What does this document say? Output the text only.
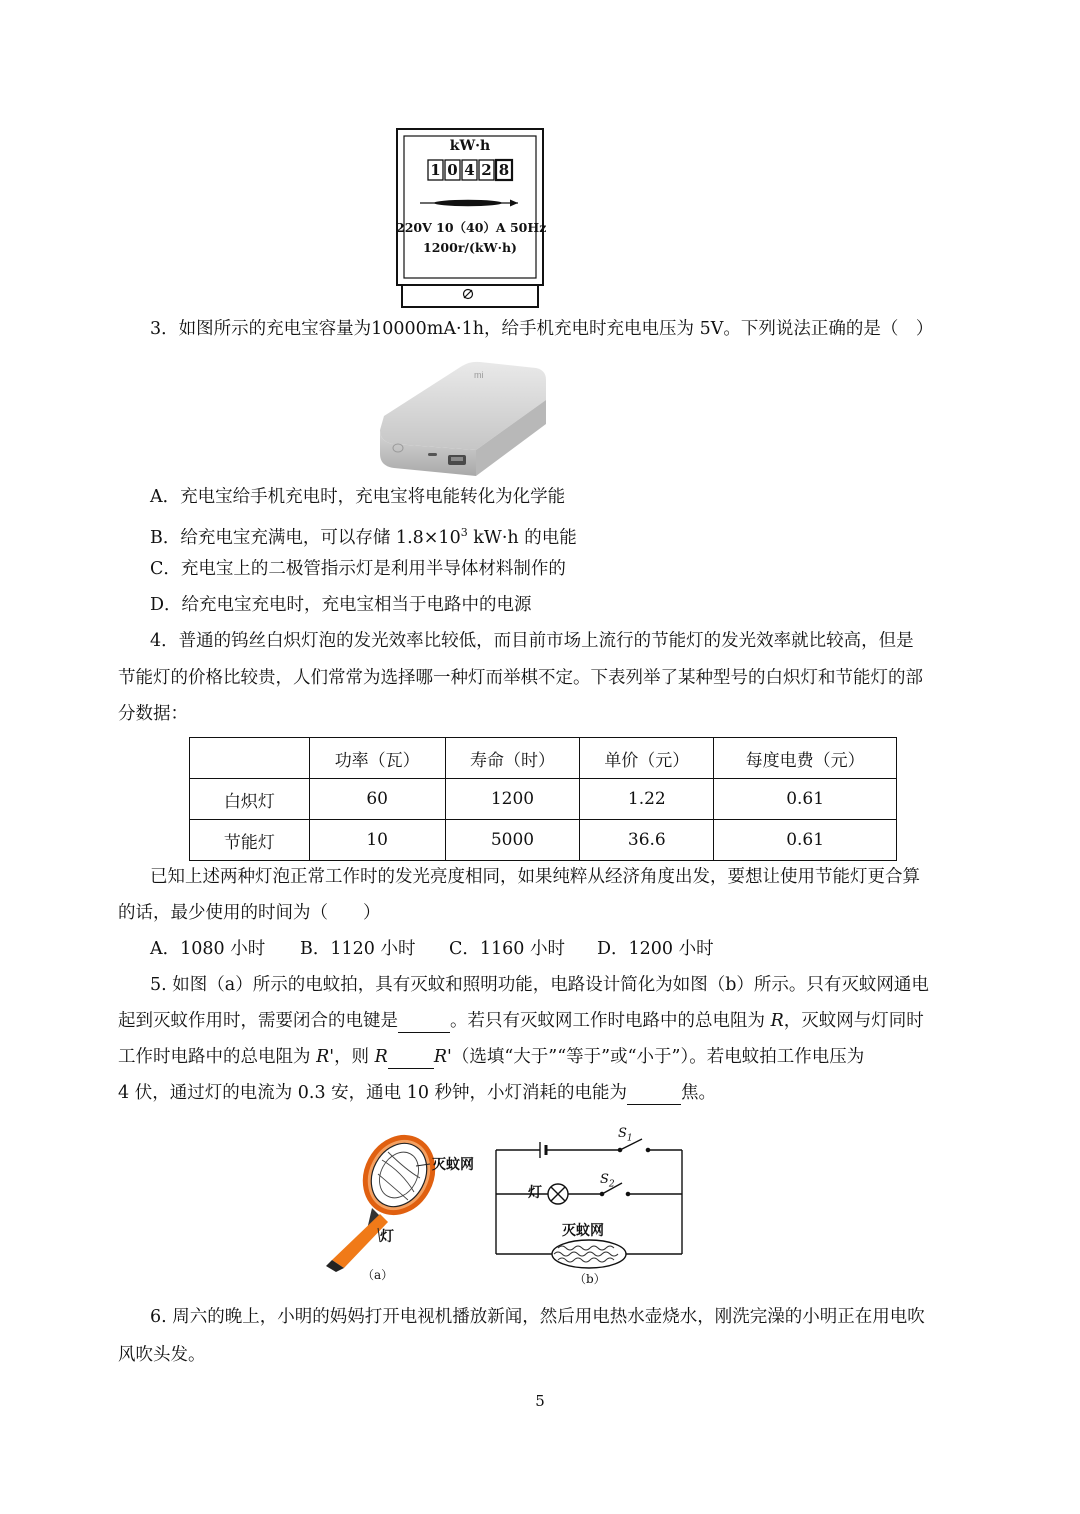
kW·h
1 0 4 2 8
220V 10（40）A 50Hz
1200r/(kW·h)
3．如图所示的充电宝容量为10000mA·1h，给手机充电时充电电压为 5V。下列说法正确的是（　）
mi
A．充电宝给手机充电时，充电宝将电能转化为化学能
B．给充电宝充满电，可以存储 $1.8\times 10^3$ kW·h 的电能
C．充电宝上的二极管指示灯是利用半导体材料制作的
D．给充电宝充电时，充电宝相当于电路中的电源
4．普通的钨丝白炽灯泡的发光效率比较低，而目前市场上流行的节能灯的发光效率就比较高，但是
节能灯的价格比较贵，人们常常为选择哪一种灯而举棋不定。下表列举了某种型号的白炽灯和节能灯的部
分数据：
	功率（瓦）	寿命（时）	单价（元）	每度电费（元）
白炽灯	60	1200	1.22	0.61
节能灯	10	5000	36.6	0.61
已知上述两种灯泡正常工作时的发光亮度相同，如果纯粹从经济角度出发，要想让使用节能灯更合算
的话，最少使用的时间为（　　）
A．1080 小时 B．1120 小时 C．1160 小时 D．1200 小时
5. 如图（a）所示的电蚊拍，具有灭蚊和照明功能，电路设计简化为如图（b）所示。只有灭蚊网通电
起到灭蚊作用时，需要闭合的电键是	。若只有灭蚊网工作时电路中的总电阻为 R，灭蚊网与灯同时
工作时电路中的总电阻为 R'，则 R	R'（选填“大于”“等于”或“小于”）。若电蚊拍工作电压为
4 伏，通过灯的电流为 0.3 安，通电 10 秒钟，小灯消耗的电能为	焦。
灭蚊网
灯
（a）
$S_1$
$S_2$
灯
灭蚊网
（b）
6. 周六的晚上，小明的妈妈打开电视机播放新闻，然后用电热水壶烧水，刚洗完澡的小明正在用电吹
风吹头发。
5
